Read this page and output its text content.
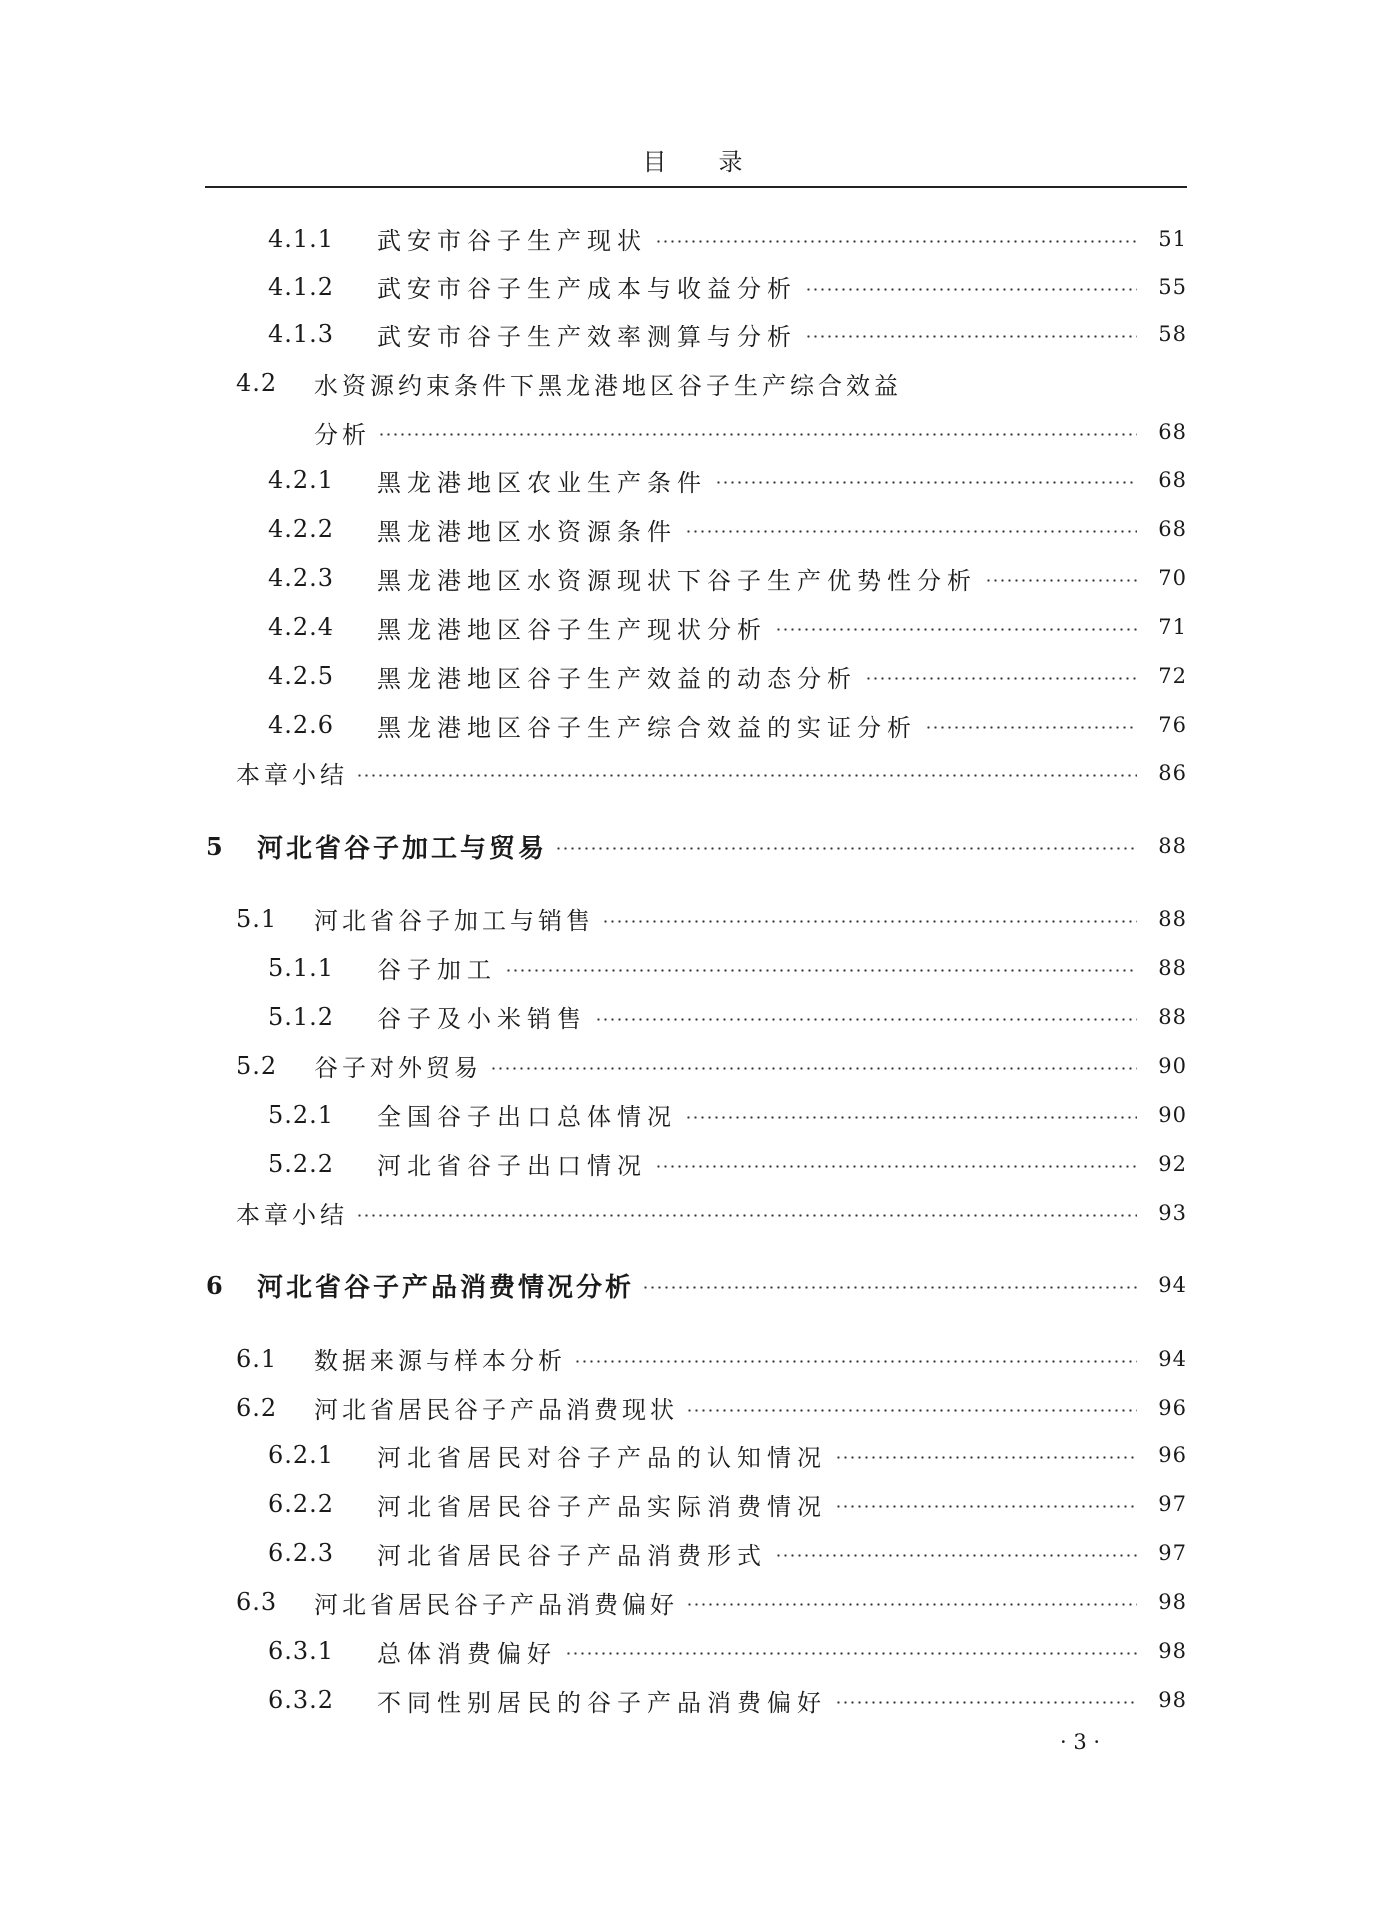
目 录
4.1.1 武安市谷子生产现状	51
4.1.2 武安市谷子生产成本与收益分析	55
4.1.3 武安市谷子生产效率测算与分析	58
4.2 水资源约束条件下黑龙港地区谷子生产综合效益
分析	68
4.2.1 黑龙港地区农业生产条件	68
4.2.2 黑龙港地区水资源条件	68
4.2.3 黑龙港地区水资源现状下谷子生产优势性分析	70
4.2.4 黑龙港地区谷子生产现状分析	71
4.2.5 黑龙港地区谷子生产效益的动态分析	72
4.2.6 黑龙港地区谷子生产综合效益的实证分析	76
本章小结	86
5 河北省谷子加工与贸易	88
5.1 河北省谷子加工与销售	88
5.1.1 谷子加工	88
5.1.2 谷子及小米销售	88
5.2 谷子对外贸易	90
5.2.1 全国谷子出口总体情况	90
5.2.2 河北省谷子出口情况	92
本章小结	93
6 河北省谷子产品消费情况分析	94
6.1 数据来源与样本分析	94
6.2 河北省居民谷子产品消费现状	96
6.2.1 河北省居民对谷子产品的认知情况	96
6.2.2 河北省居民谷子产品实际消费情况	97
6.2.3 河北省居民谷子产品消费形式	97
6.3 河北省居民谷子产品消费偏好	98
6.3.1 总体消费偏好	98
6.3.2 不同性别居民的谷子产品消费偏好	98
· 3 ·
